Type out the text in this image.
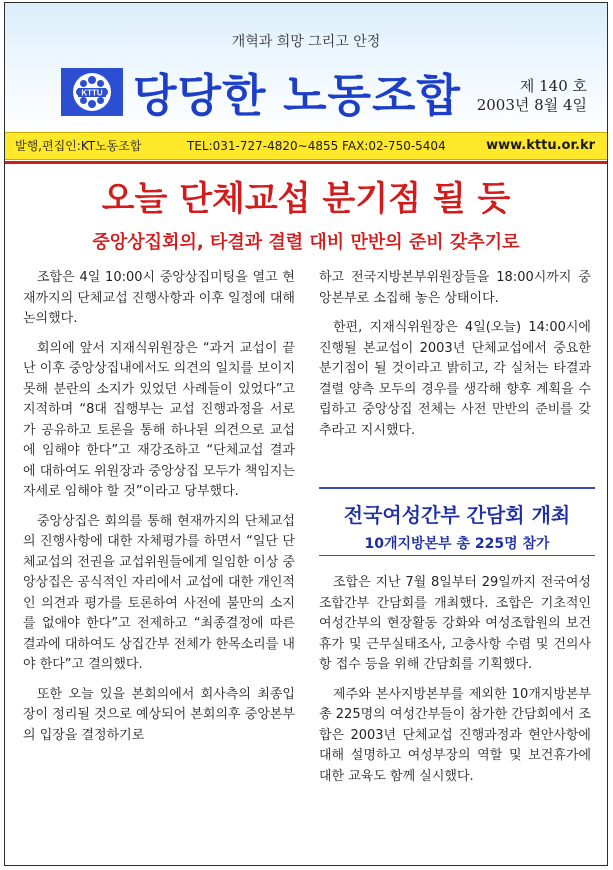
개혁과 희망 그리고 안정
KTTU 당당한 노동조합	제 140 호
2003년 8월 4일
발행,편집인:KT노동조합	TEL:031-727-4820~4855 FAX:02-750-5404	www.kttu.or.kr
오늘 단체교섭 분기점 될 듯
중앙상집회의, 타결과 결렬 대비 만반의 준비 갖추기로

조합은 4일 10:00시 중앙상집미팅을 열고 현재까지의 단체교섭 진행사항과 이후 일정에 대해 논의했다.

회의에 앞서 지재식위원장은 “과거 교섭이 끝난 이후 중앙상집내에서도 의견의 일치를 보이지 못해 분란의 소지가 있었던 사례들이 있었다”고 지적하며 “8대 집행부는 교섭 진행과정을 서로가 공유하고 토론을 통해 하나된 의견으로 교섭에 임해야 한다”고 재강조하고 “단체교섭 결과에 대하여도 위원장과 중앙상집 모두가 책임지는 자세로 임해야 할 것”이라고 당부했다.

중앙상집은 회의를 통해 현재까지의 단체교섭의 진행사항에 대한 자체평가를 하면서 “일단 단체교섭의 전권을 교섭위원들에게 일임한 이상 중앙상집은 공식적인 자리에서 교섭에 대한 개인적인 의견과 평가를 토론하여 사전에 불만의 소지를 없애야 한다”고 전제하고 “최종결정에 따른 결과에 대하여도 상집간부 전체가 한목소리를 내야 한다”고 결의했다.

또한 오늘 있을 본회의에서 회사측의 최종입장이 정리될 것으로 예상되어 본회의후 중앙본부의 입장을 결정하기로

하고 전국지방본부위원장들을 18:00시까지 중앙본부로 소집해 놓은 상태이다.

한편, 지재식위원장은 4일(오늘) 14:00시에 진행될 본교섭이 2003년 단체교섭에서 중요한 분기점이 될 것이라고 밝히고, 각 실처는 타결과 결렬 양측 모두의 경우를 생각해 향후 계획을 수립하고 중앙상집 전체는 사전 만반의 준비를 갖추라고 지시했다.

전국여성간부 간담회 개최
10개지방본부 총 225명 참가

조합은 지난 7월 8일부터 29일까지 전국여성조합간부 간담회를 개최했다. 조합은 기초적인 여성간부의 현장활동 강화와 여성조합원의 보건휴가 및 근무실태조사, 고충사항 수렴 및 건의사항 접수 등을 위해 간담회를 기획했다.

제주와 본사지방본부를 제외한 10개지방본부 총 225명의 여성간부들이 참가한 간담회에서 조합은 2003년 단체교섭 진행과정과 현안사항에 대해 설명하고 여성부장의 역할 및 보건휴가에 대한 교육도 함께 실시했다.
